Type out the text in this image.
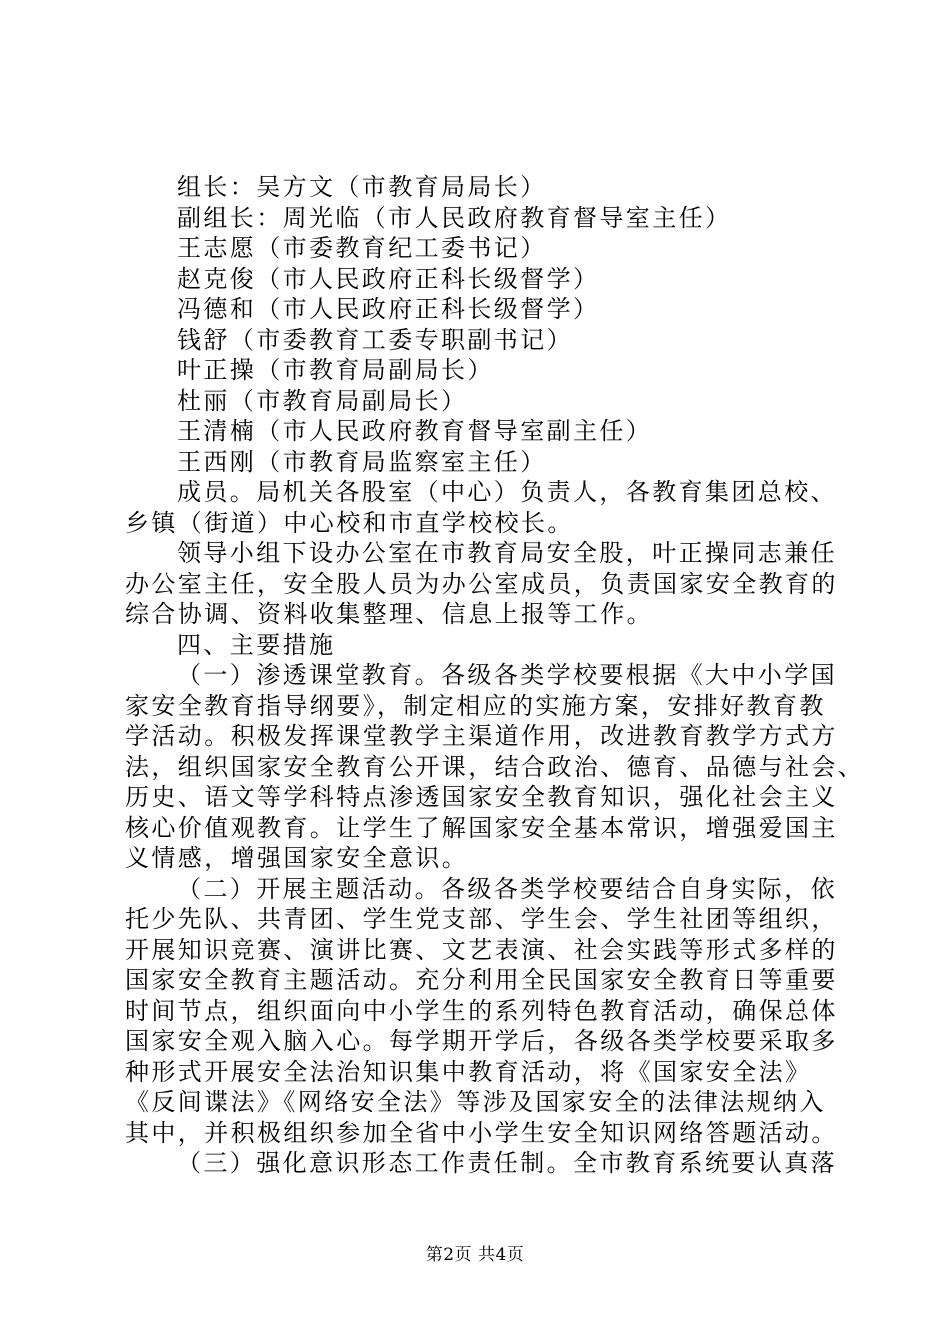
组长：吴方文（市教育局局长）
副组长：周光临（市人民政府教育督导室主任）
王志愿（市委教育纪工委书记）
赵克俊（市人民政府正科长级督学）
冯德和（市人民政府正科长级督学）
钱舒（市委教育工委专职副书记）
叶正操（市教育局副局长）
杜丽（市教育局副局长）
王清楠（市人民政府教育督导室副主任）
王西刚（市教育局监察室主任）
成员。局机关各股室（中心）负责人，各教育集团总校、
乡镇（街道）中心校和市直学校校长。
领导小组下设办公室在市教育局安全股，叶正操同志兼任
办公室主任，安全股人员为办公室成员，负责国家安全教育的
综合协调、资料收集整理、信息上报等工作。
四、主要措施
（一）渗透课堂教育。各级各类学校要根据《大中小学国
家安全教育指导纲要》，制定相应的实施方案，安排好教育教
学活动。积极发挥课堂教学主渠道作用，改进教育教学方式方
法，组织国家安全教育公开课，结合政治、德育、品德与社会、
历史、语文等学科特点渗透国家安全教育知识，强化社会主义
核心价值观教育。让学生了解国家安全基本常识，增强爱国主
义情感，增强国家安全意识。
（二）开展主题活动。各级各类学校要结合自身实际，依
托少先队、共青团、学生党支部、学生会、学生社团等组织，
开展知识竞赛、演讲比赛、文艺表演、社会实践等形式多样的
国家安全教育主题活动。充分利用全民国家安全教育日等重要
时间节点，组织面向中小学生的系列特色教育活动，确保总体
国家安全观入脑入心。每学期开学后，各级各类学校要采取多
种形式开展安全法治知识集中教育活动，将《国家安全法》
《反间谍法》《网络安全法》等涉及国家安全的法律法规纳入
其中，并积极组织参加全省中小学生安全知识网络答题活动。
（三）强化意识形态工作责任制。全市教育系统要认真落
第2页 共4页
